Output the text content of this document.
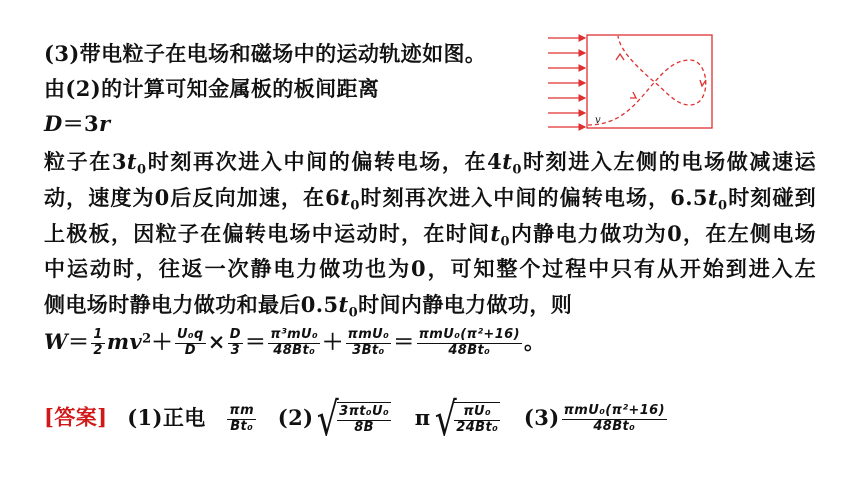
(3)带电粒子在电场和磁场中的运动轨迹如图。
由(2)的计算可知金属板的板间距离
D＝3r
粒子在$3t_0$时刻再次进入中间的偏转电场，在$4t_0$时刻进入左侧的电场做减速运
动，速度为0后反向加速，在$6t_0$时刻再次进入中间的偏转电场，$6.5t_0$时刻碰到
上极板，因粒子在偏转电场中运动时，在时间$t_0$内静电力做功为0，在左侧电场
中运动时，往返一次静电力做功也为0，可知整个过程中只有从开始到进入左
侧电场时静电力做功和最后$0.5t_0$时间内静电力做功，则
$W= \frac{1}{2} mv^2+ \frac{\text{U₀q}}{D} \times \frac{D}{3} = \frac{\text{π³mU₀}}{\text{48Bt₀}} + \frac{\text{πmU₀}}{\text{3Bt₀}} = \frac{\text{πmU₀(π²+16)}}{\text{48Bt₀}}$ 。
[答案] (1)正电 $\frac{\pi m}{\text{Bt₀}} (2)√$
$\frac{\text{3πt₀U₀}}{8B} \pi√$
$\frac{\text{πU₀}}{\text{24Bt₀}} (3) \frac{\text{πmU₀(π²+16)}}{\text{48Bt₀}}$
v
